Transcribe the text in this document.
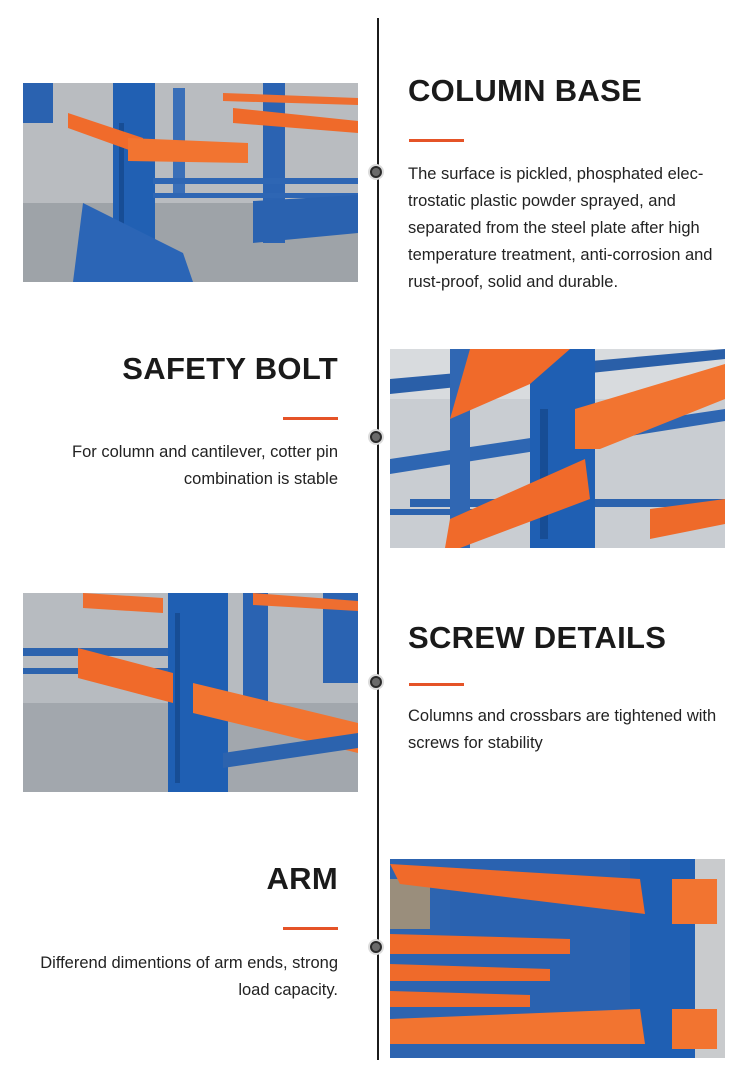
COLUMN BASE
The surface is pickled, phosphated elec- trostatic plastic powder sprayed, and separated from the steel plate after high temperature treatment, anti-corrosion and rust-proof, solid and durable.
SAFETY BOLT
For column and cantilever, cotter pin combination is stable
SCREW DETAILS
Columns and crossbars are tightened with screws for stability
ARM
Differend dimentions of arm ends, strong load capacity.
